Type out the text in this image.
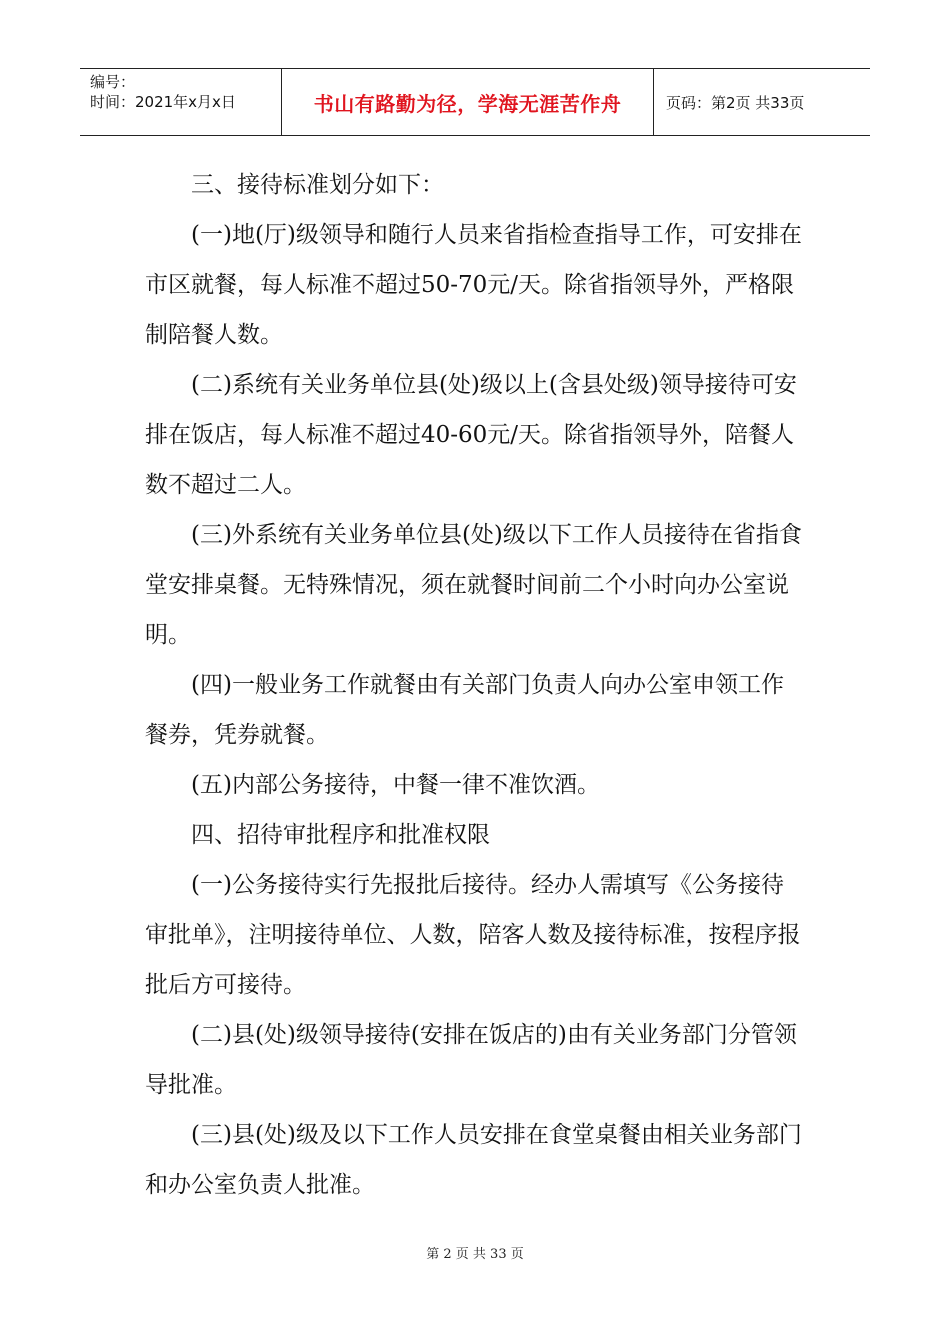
编号：
时间：2021年x月x日	书山有路勤为径，学海无涯苦作舟	页码：第2页 共33页

三、接待标准划分如下：

(一)地(厅)级领导和随行人员来省指检查指导工作，可安排在市区就餐，每人标准不超过50-70元/天。除省指领导外，严格限制陪餐人数。

(二)系统有关业务单位县(处)级以上(含县处级)领导接待可安排在饭店，每人标准不超过40-60元/天。除省指领导外，陪餐人数不超过二人。

(三)外系统有关业务单位县(处)级以下工作人员接待在省指食堂安排桌餐。无特殊情况，须在就餐时间前二个小时向办公室说明。

(四)一般业务工作就餐由有关部门负责人向办公室申领工作餐券，凭券就餐。

(五)内部公务接待，中餐一律不准饮酒。

四、招待审批程序和批准权限

(一)公务接待实行先报批后接待。经办人需填写《公务接待审批单》，注明接待单位、人数，陪客人数及接待标准，按程序报批后方可接待。

(二)县(处)级领导接待(安排在饭店的)由有关业务部门分管领导批准。

(三)县(处)级及以下工作人员安排在食堂桌餐由相关业务部门和办公室负责人批准。

第 2 页 共 33 页
